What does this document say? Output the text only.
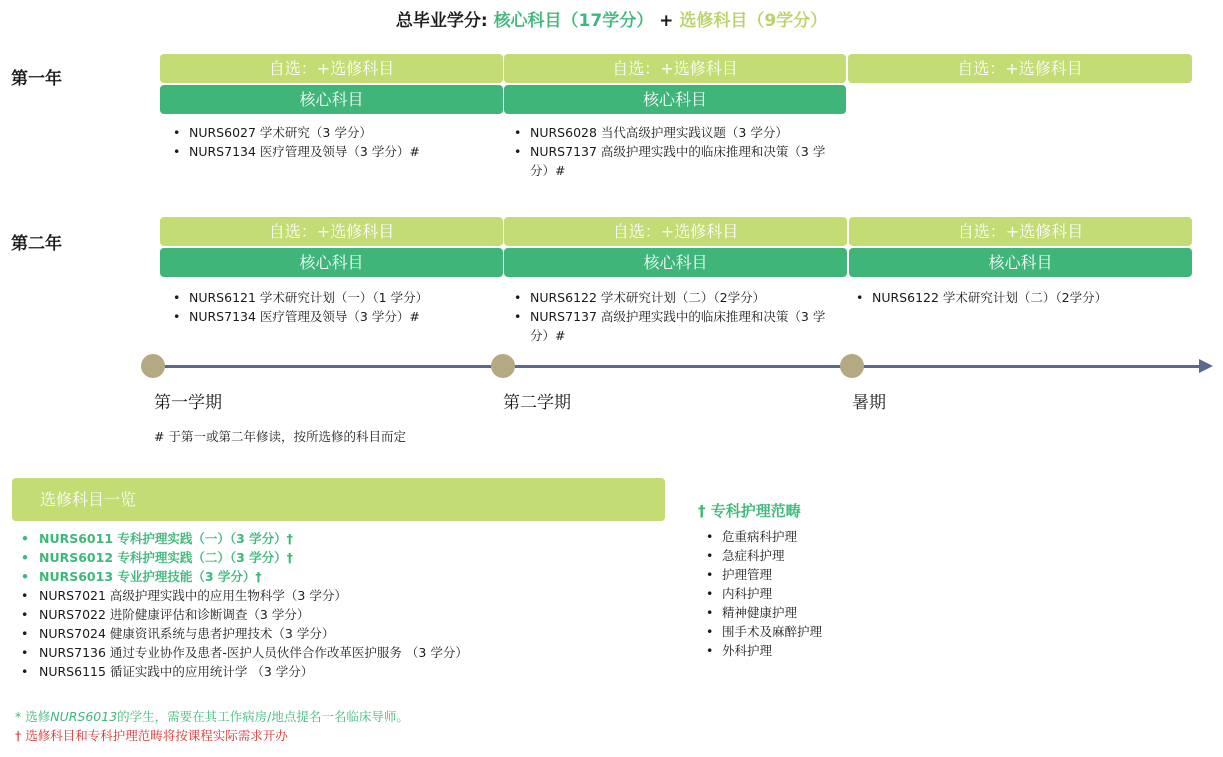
总毕业学分: 核心科目（17学分） + 选修科目（9学分）
第一年
自选：+选修科目	自选：+选修科目	自选：+选修科目
核心科目	核心科目
• NURS6027 学术研究（3 学分）
• NURS7134 医疗管理及领导（3 学分）#
• NURS6028 当代高级护理实践议题（3 学分）
• NURS7137 高级护理实践中的临床推理和决策（3 学分）#
第二年
自选：+选修科目	自选：+选修科目	自选：+选修科目
核心科目	核心科目	核心科目
• NURS6121 学术研究计划（一）（1 学分）
• NURS7134 医疗管理及领导（3 学分）#
• NURS6122 学术研究计划（二）（2学分）
• NURS7137 高级护理实践中的临床推理和决策（3 学分）#
• NURS6122 学术研究计划（二）（2学分）
第一学期	第二学期	暑期
# 于第一或第二年修读，按所选修的科目而定
选修科目一览
• NURS6011 专科护理实践（一）（3 学分）†
• NURS6012 专科护理实践（二）（3 学分）†
• NURS6013 专业护理技能（3 学分）†
• NURS7021 高级护理实践中的应用生物科学（3 学分）
• NURS7022 进阶健康评估和诊断调查（3 学分）
• NURS7024 健康资讯系统与患者护理技术（3 学分）
• NURS7136 通过专业协作及患者-医护人员伙伴合作改革医护服务 （3 学分）
• NURS6115 循证实践中的应用统计学 （3 学分）
† 专科护理范畴
• 危重病科护理
• 急症科护理
• 护理管理
• 内科护理
• 精神健康护理
• 围手术及麻醉护理
• 外科护理
* 选修NURS6013的学生，需要在其工作病房/地点提名一名临床导师。
† 选修科目和专科护理范畴将按课程实际需求开办
